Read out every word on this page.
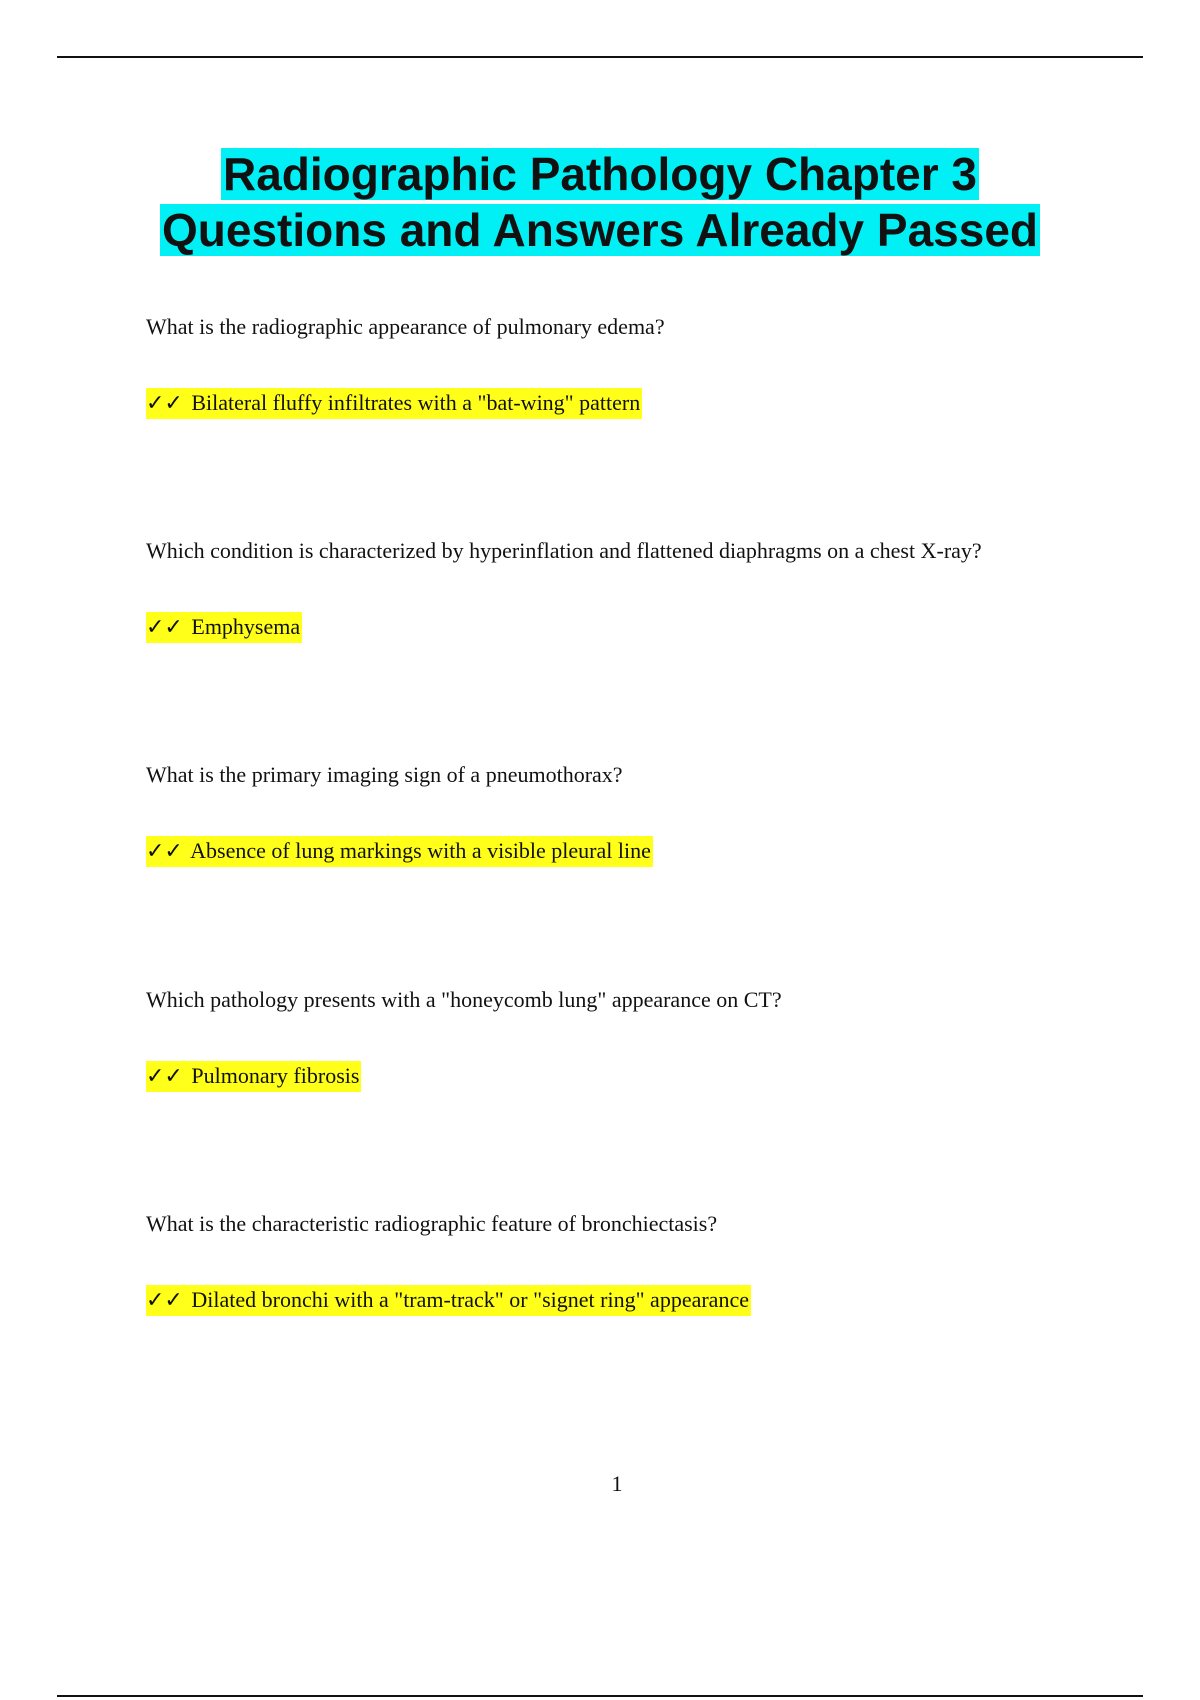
Radiographic Pathology Chapter 3
Questions and Answers Already Passed
What is the radiographic appearance of pulmonary edema?
✓✓ Bilateral fluffy infiltrates with a "bat-wing" pattern
Which condition is characterized by hyperinflation and flattened diaphragms on a chest X-ray?
✓✓ Emphysema
What is the primary imaging sign of a pneumothorax?
✓✓ Absence of lung markings with a visible pleural line
Which pathology presents with a "honeycomb lung" appearance on CT?
✓✓ Pulmonary fibrosis
What is the characteristic radiographic feature of bronchiectasis?
✓✓ Dilated bronchi with a "tram-track" or "signet ring" appearance
1
